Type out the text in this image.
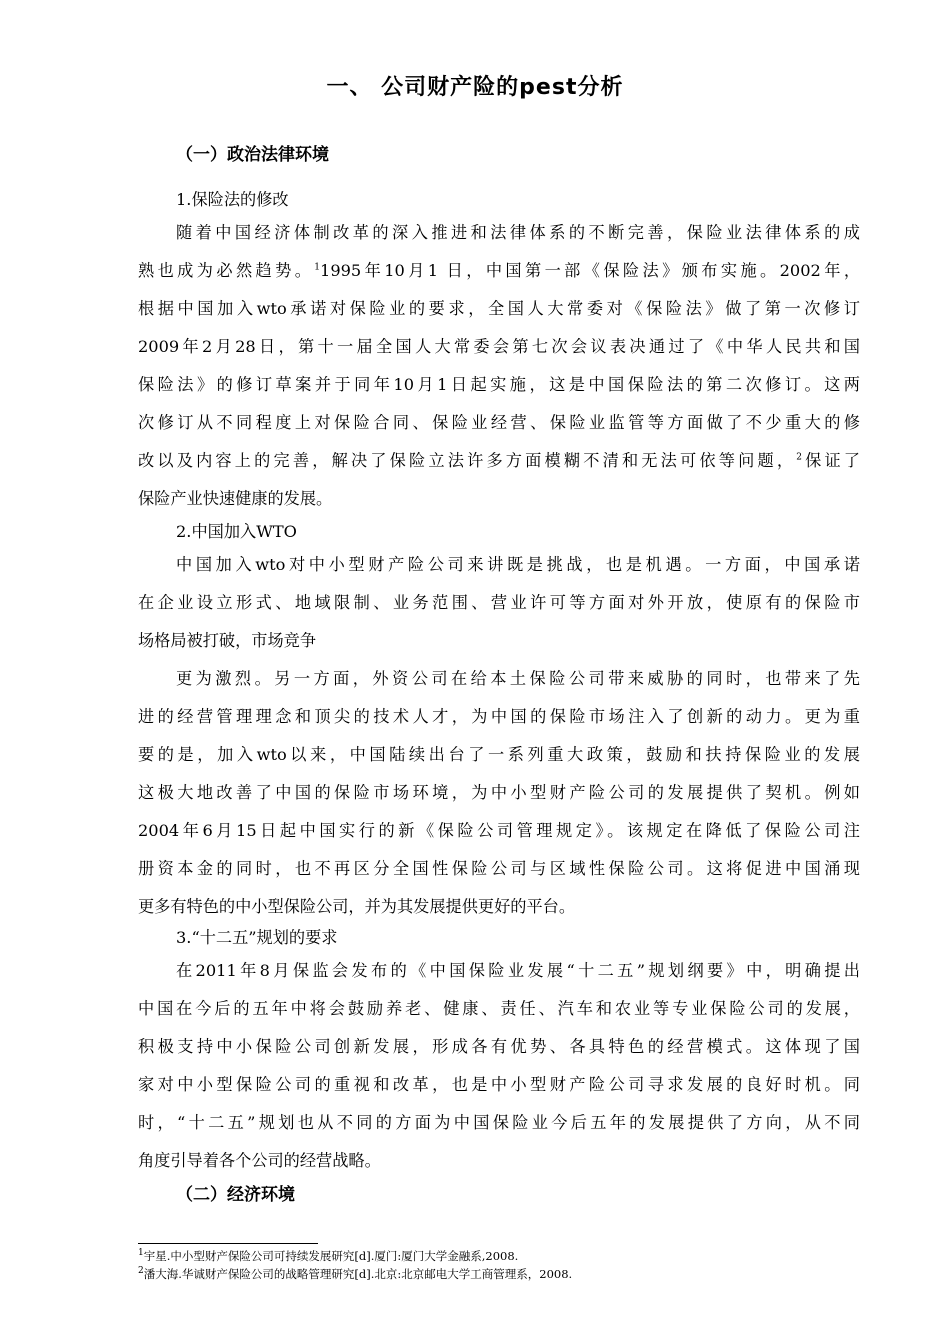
一、 公司财产险的pest分析
（一）政治法律环境
1.保险法的修改
随着中国经济体制改革的深入推进和法律体系的不断完善，保险业法律体系的成
熟也成为必然趋势。$^1$1995年10月1 日，中国第一部《保险法》颁布实施。2002年，
根据中国加入wto承诺对保险业的要求，全国人大常委对《保险法》做了第一次修订
2009年2月28日，第十一届全国人大常委会第七次会议表决通过了《中华人民共和国
保险法》的修订草案并于同年10月1日起实施，这是中国保险法的第二次修订。这两
次修订从不同程度上对保险合同、保险业经营、保险业监管等方面做了不少重大的修
改以及内容上的完善，解决了保险立法许多方面模糊不清和无法可依等问题，$^2$保证了
保险产业快速健康的发展。
2.中国加入WTO
中国加入wto对中小型财产险公司来讲既是挑战，也是机遇。一方面，中国承诺
在企业设立形式、地域限制、业务范围、营业许可等方面对外开放，使原有的保险市
场格局被打破，市场竞争
更为激烈。另一方面，外资公司在给本土保险公司带来威胁的同时，也带来了先
进的经营管理理念和顶尖的技术人才，为中国的保险市场注入了创新的动力。更为重
要的是，加入wto以来，中国陆续出台了一系列重大政策，鼓励和扶持保险业的发展
这极大地改善了中国的保险市场环境，为中小型财产险公司的发展提供了契机。例如
2004年6月15日起中国实行的新《保险公司管理规定》。该规定在降低了保险公司注
册资本金的同时，也不再区分全国性保险公司与区域性保险公司。这将促进中国涌现
更多有特色的中小型保险公司，并为其发展提供更好的平台。
3.“十二五”规划的要求
在2011年8月保监会发布的《中国保险业发展“十二五”规划纲要》中，明确提出
中国在今后的五年中将会鼓励养老、健康、责任、汽车和农业等专业保险公司的发展，
积极支持中小保险公司创新发展，形成各有优势、各具特色的经营模式。这体现了国
家对中小型保险公司的重视和改革，也是中小型财产险公司寻求发展的良好时机。同
时，“十二五”规划也从不同的方面为中国保险业今后五年的发展提供了方向，从不同
角度引导着各个公司的经营战略。
（二）经济环境
$^1$宇星.中小型财产保险公司可持续发展研究[d].厦门:厦门大学金融系,2008.
$^2$潘大海.华诚财产保险公司的战略管理研究[d].北京:北京邮电大学工商管理系，2008.
